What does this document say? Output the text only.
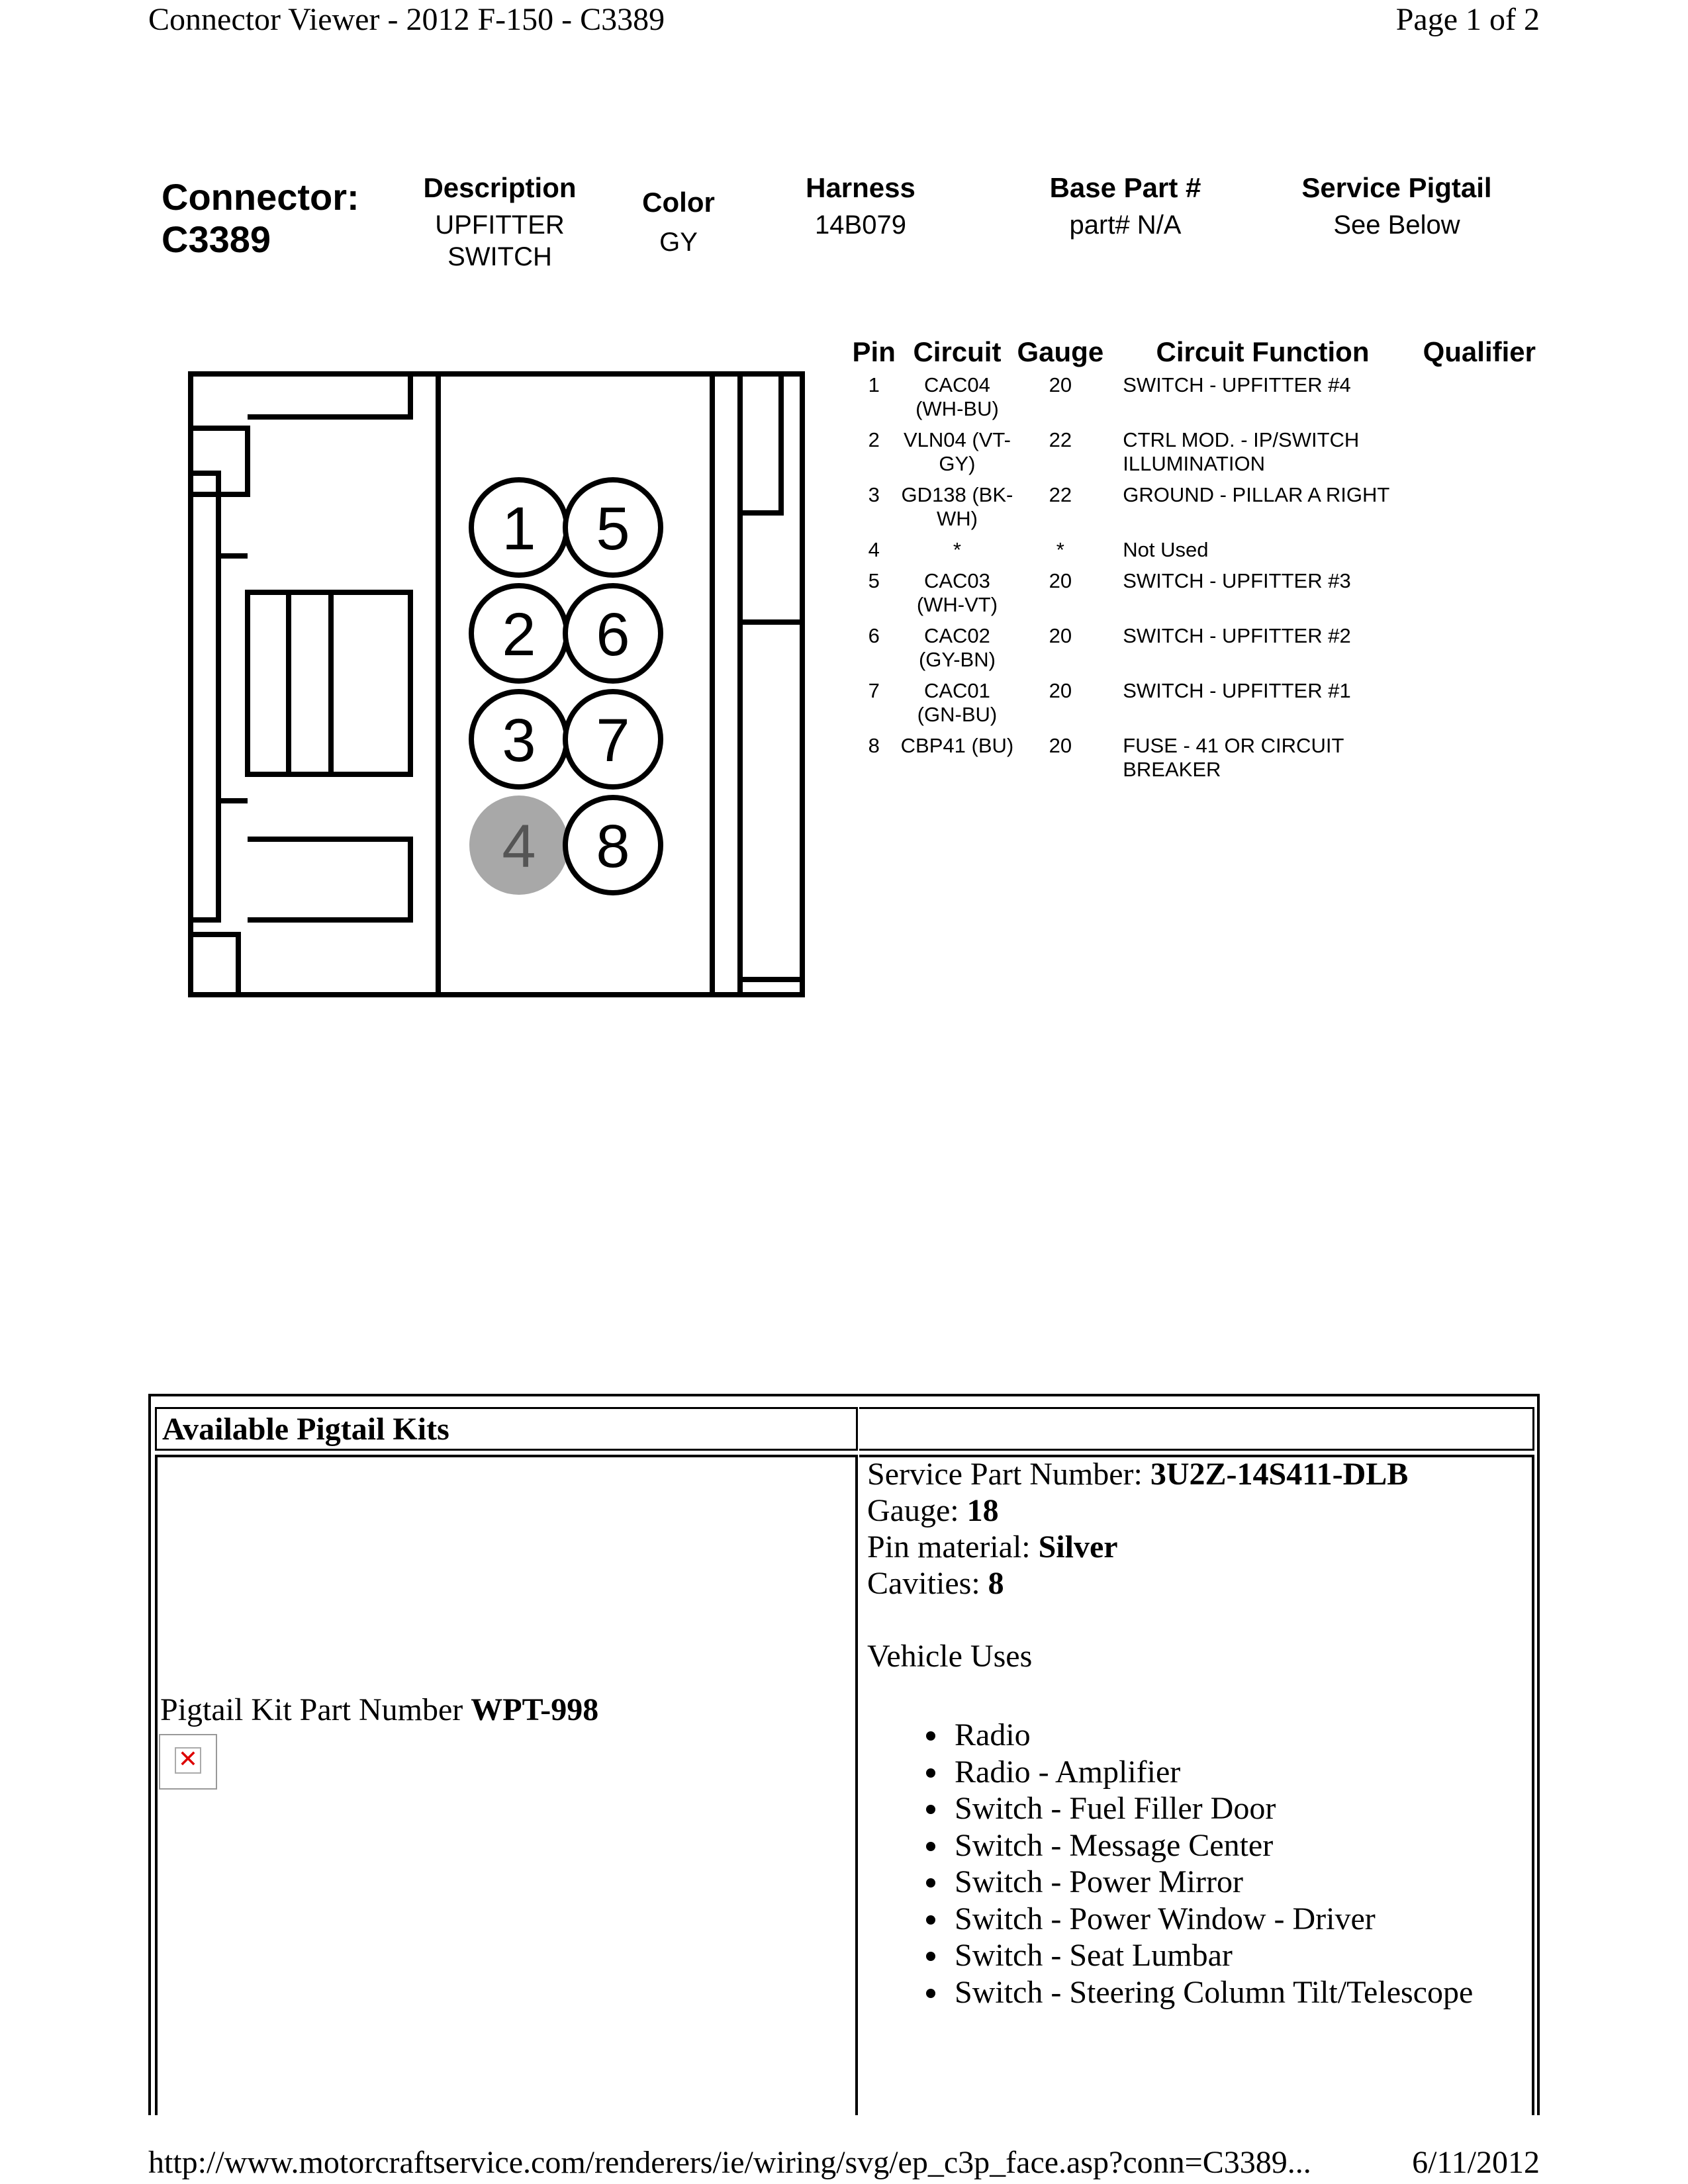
Connector Viewer - 2012 F-150 - C3389	Page 1 of 2
Connector:
C3389
Description
UPFITTER
SWITCH
Color
GY
Harness
14B079
Base Part #
part# N/A
Service Pigtail
See Below
1
2
3
4
5
6
7
8
Pin	Circuit	Gauge	Circuit Function	Qualifier
1	CAC04 (WH-BU)	20	SWITCH - UPFITTER #4	
2	VLN04 (VT-GY)	22	CTRL MOD. - IP/SWITCH ILLUMINATION	
3	GD138 (BK-WH)	22	GROUND - PILLAR A RIGHT	
4	*	*	Not Used	
5	CAC03 (WH-VT)	20	SWITCH - UPFITTER #3	
6	CAC02 (GY-BN)	20	SWITCH - UPFITTER #2	
7	CAC01 (GN-BU)	20	SWITCH - UPFITTER #1	
8	CBP41 (BU)	20	FUSE - 41 OR CIRCUIT BREAKER	
Available Pigtail Kits
Pigtail Kit Part Number WPT-998
✕
Service Part Number: 3U2Z-14S411-DLB
Gauge: 18
Pin material: Silver
Cavities: 8
Vehicle Uses
• Radio
• Radio - Amplifier
• Switch - Fuel Filler Door
• Switch - Message Center
• Switch - Power Mirror
• Switch - Power Window - Driver
• Switch - Seat Lumbar
• Switch - Steering Column Tilt/Telescope
http://www.motorcraftservice.com/renderers/ie/wiring/svg/ep_c3p_face.asp?conn=C3389...	6/11/2012
